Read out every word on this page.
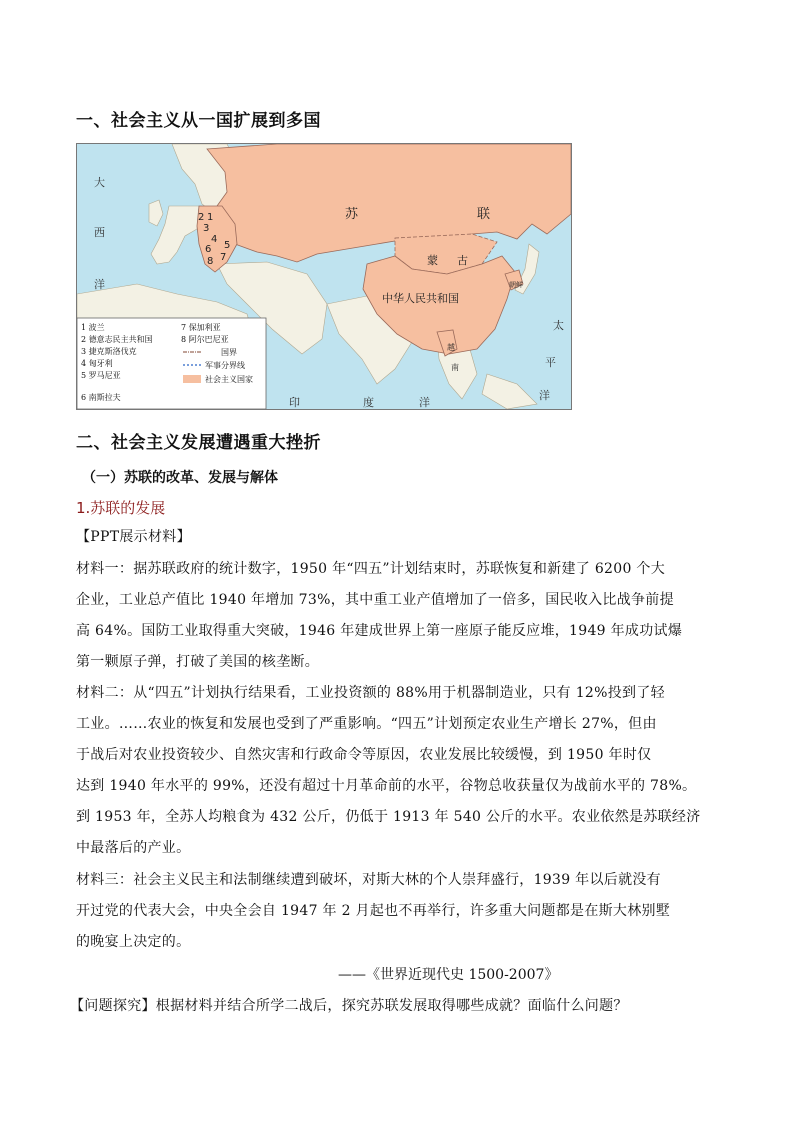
一、社会主义从一国扩展到多国
苏	联
蒙 古
中华人民共和国
朝鲜
越
南
大
西
洋
太
平
洋
印	度	洋
2 1
3
4
5
6
7
8
1 波兰
2 德意志民主共和国
3 捷克斯洛伐克
4 匈牙利
5 罗马尼亚
6 南斯拉夫
7 保加利亚
8 阿尔巴尼亚
国界
军事分界线
社会主义国家
二、社会主义发展遭遇重大挫折
（一）苏联的改革、发展与解体
1.苏联的发展
【PPT展示材料】
材料一：据苏联政府的统计数字，1950 年“四五”计划结束时，苏联恢复和新建了 6200 个大
企业，工业总产值比 1940 年增加 73%，其中重工业产值增加了一倍多，国民收入比战争前提
高 64%。国防工业取得重大突破，1946 年建成世界上第一座原子能反应堆，1949 年成功试爆
第一颗原子弹，打破了美国的核垄断。
材料二：从“四五”计划执行结果看，工业投资额的 88%用于机器制造业，只有 12%投到了轻
工业。……农业的恢复和发展也受到了严重影响。“四五”计划预定农业生产增长 27%，但由
于战后对农业投资较少、自然灾害和行政命令等原因，农业发展比较缓慢，到 1950 年时仅
达到 1940 年水平的 99%，还没有超过十月革命前的水平，谷物总收获量仅为战前水平的 78%。
到 1953 年，全苏人均粮食为 432 公斤，仍低于 1913 年 540 公斤的水平。农业依然是苏联经济
中最落后的产业。
材料三：社会主义民主和法制继续遭到破坏，对斯大林的个人崇拜盛行，1939 年以后就没有
开过党的代表大会，中央全会自 1947 年 2 月起也不再举行，许多重大问题都是在斯大林别墅
的晚宴上决定的。
——《世界近现代史 1500-2007》
【问题探究】根据材料并结合所学二战后，探究苏联发展取得哪些成就？面临什么问题？
